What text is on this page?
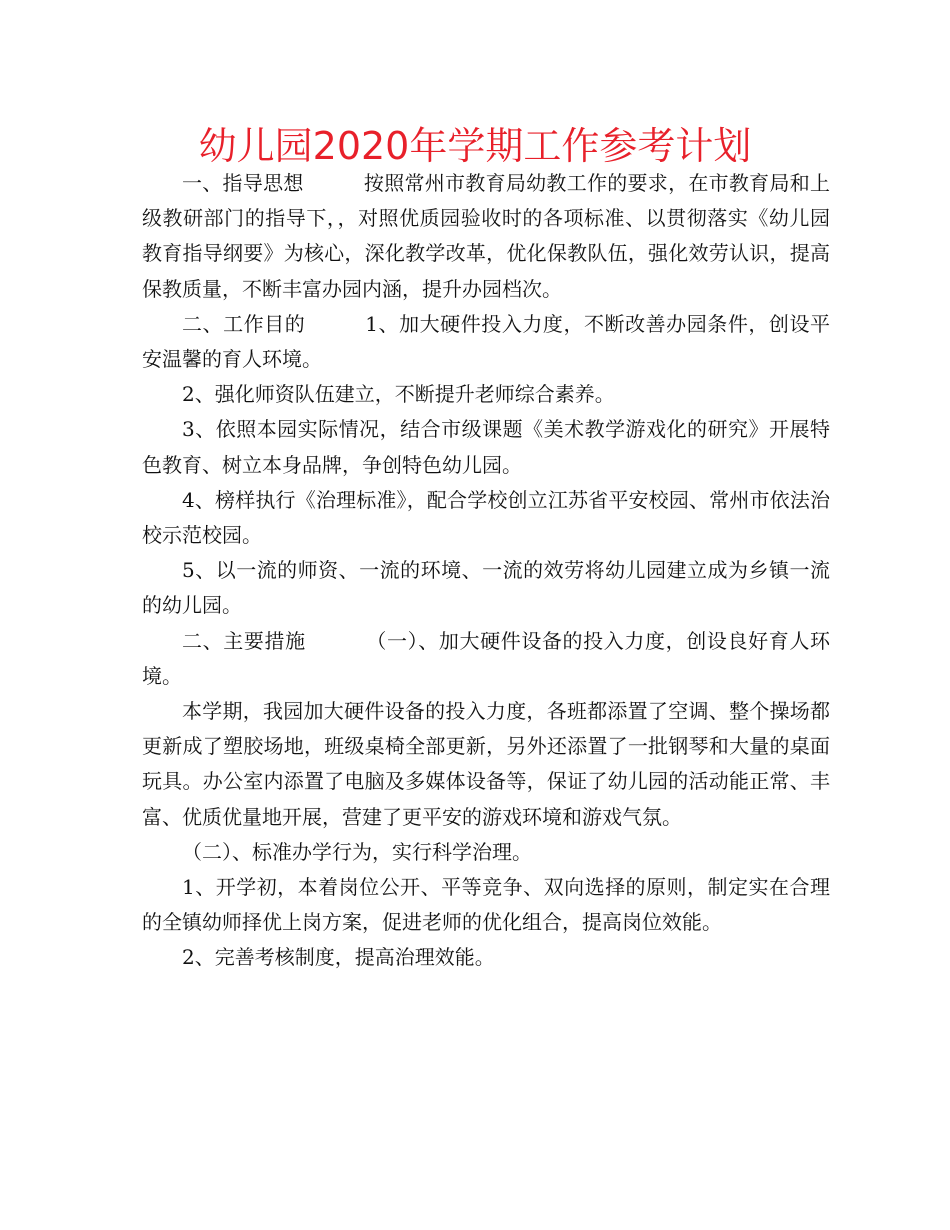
幼儿园2020年学期工作参考计划

一、指导思想	按照常州市教育局幼教工作的要求，在市教育局和上级教研部门的指导下，，对照优质园验收时的各项标准、以贯彻落实《幼儿园教育指导纲要》为核心，深化教学改革，优化保教队伍，强化效劳认识，提高保教质量，不断丰富办园内涵，提升办园档次。

二、工作目的	1、加大硬件投入力度，不断改善办园条件，创设平安温馨的育人环境。

2、强化师资队伍建立，不断提升老师综合素养。

3、依照本园实际情况，结合市级课题《美术教学游戏化的研究》开展特色教育、树立本身品牌，争创特色幼儿园。

4、榜样执行《治理标准》，配合学校创立江苏省平安校园、常州市依法治校示范校园。

5、以一流的师资、一流的环境、一流的效劳将幼儿园建立成为乡镇一流的幼儿园。

二、主要措施	（一）、加大硬件设备的投入力度，创设良好育人环境。

本学期，我园加大硬件设备的投入力度，各班都添置了空调、整个操场都更新成了塑胶场地，班级桌椅全部更新，另外还添置了一批钢琴和大量的桌面玩具。办公室内添置了电脑及多媒体设备等，保证了幼儿园的活动能正常、丰富、优质优量地开展，营建了更平安的游戏环境和游戏气氛。

（二）、标准办学行为，实行科学治理。

1、开学初，本着岗位公开、平等竞争、双向选择的原则，制定实在合理的全镇幼师择优上岗方案，促进老师的优化组合，提高岗位效能。

2、完善考核制度，提高治理效能。
